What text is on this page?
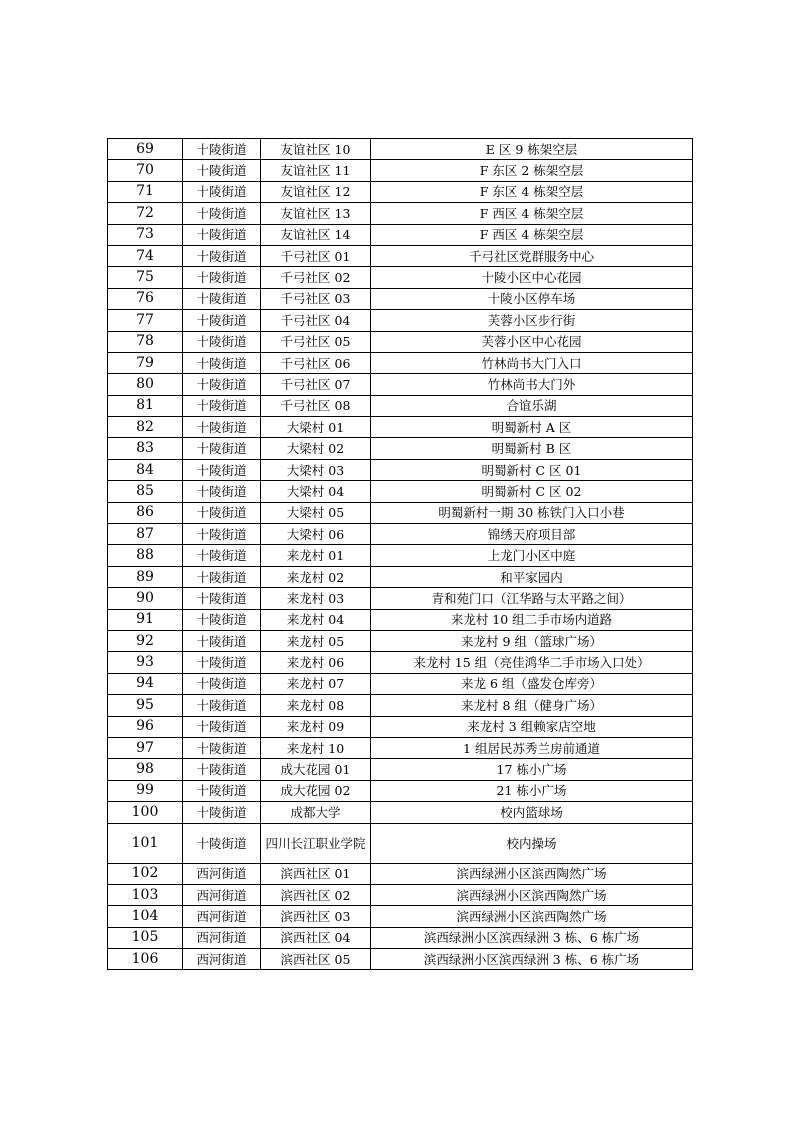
69	十陵街道	友谊社区 10	E 区 9 栋架空层
70	十陵街道	友谊社区 11	F 东区 2 栋架空层
71	十陵街道	友谊社区 12	F 东区 4 栋架空层
72	十陵街道	友谊社区 13	F 西区 4 栋架空层
73	十陵街道	友谊社区 14	F 西区 4 栋架空层
74	十陵街道	千弓社区 01	千弓社区党群服务中心
75	十陵街道	千弓社区 02	十陵小区中心花园
76	十陵街道	千弓社区 03	十陵小区停车场
77	十陵街道	千弓社区 04	芙蓉小区步行街
78	十陵街道	千弓社区 05	芙蓉小区中心花园
79	十陵街道	千弓社区 06	竹林尚书大门入口
80	十陵街道	千弓社区 07	竹林尚书大门外
81	十陵街道	千弓社区 08	合谊乐湖
82	十陵街道	大梁村 01	明蜀新村 A 区
83	十陵街道	大梁村 02	明蜀新村 B 区
84	十陵街道	大梁村 03	明蜀新村 C 区 01
85	十陵街道	大梁村 04	明蜀新村 C 区 02
86	十陵街道	大梁村 05	明蜀新村一期 30 栋铁门入口小巷
87	十陵街道	大梁村 06	锦绣天府项目部
88	十陵街道	来龙村 01	上龙门小区中庭
89	十陵街道	来龙村 02	和平家园内
90	十陵街道	来龙村 03	青和苑门口（江华路与太平路之间）
91	十陵街道	来龙村 04	来龙村 10 组二手市场内道路
92	十陵街道	来龙村 05	来龙村 9 组（篮球广场）
93	十陵街道	来龙村 06	来龙村 15 组（亮佳鸿华二手市场入口处）
94	十陵街道	来龙村 07	来龙 6 组（盛发仓库旁）
95	十陵街道	来龙村 08	来龙村 8 组（健身广场）
96	十陵街道	来龙村 09	来龙村 3 组赖家店空地
97	十陵街道	来龙村 10	1 组居民苏秀兰房前通道
98	十陵街道	成大花园 01	17 栋小广场
99	十陵街道	成大花园 02	21 栋小广场
100	十陵街道	成都大学	校内篮球场
101	十陵街道	四川长江职业学院	校内操场
102	西河街道	滨西社区 01	滨西绿洲小区滨西陶然广场
103	西河街道	滨西社区 02	滨西绿洲小区滨西陶然广场
104	西河街道	滨西社区 03	滨西绿洲小区滨西陶然广场
105	西河街道	滨西社区 04	滨西绿洲小区滨西绿洲 3 栋、6 栋广场
106	西河街道	滨西社区 05	滨西绿洲小区滨西绿洲 3 栋、6 栋广场
